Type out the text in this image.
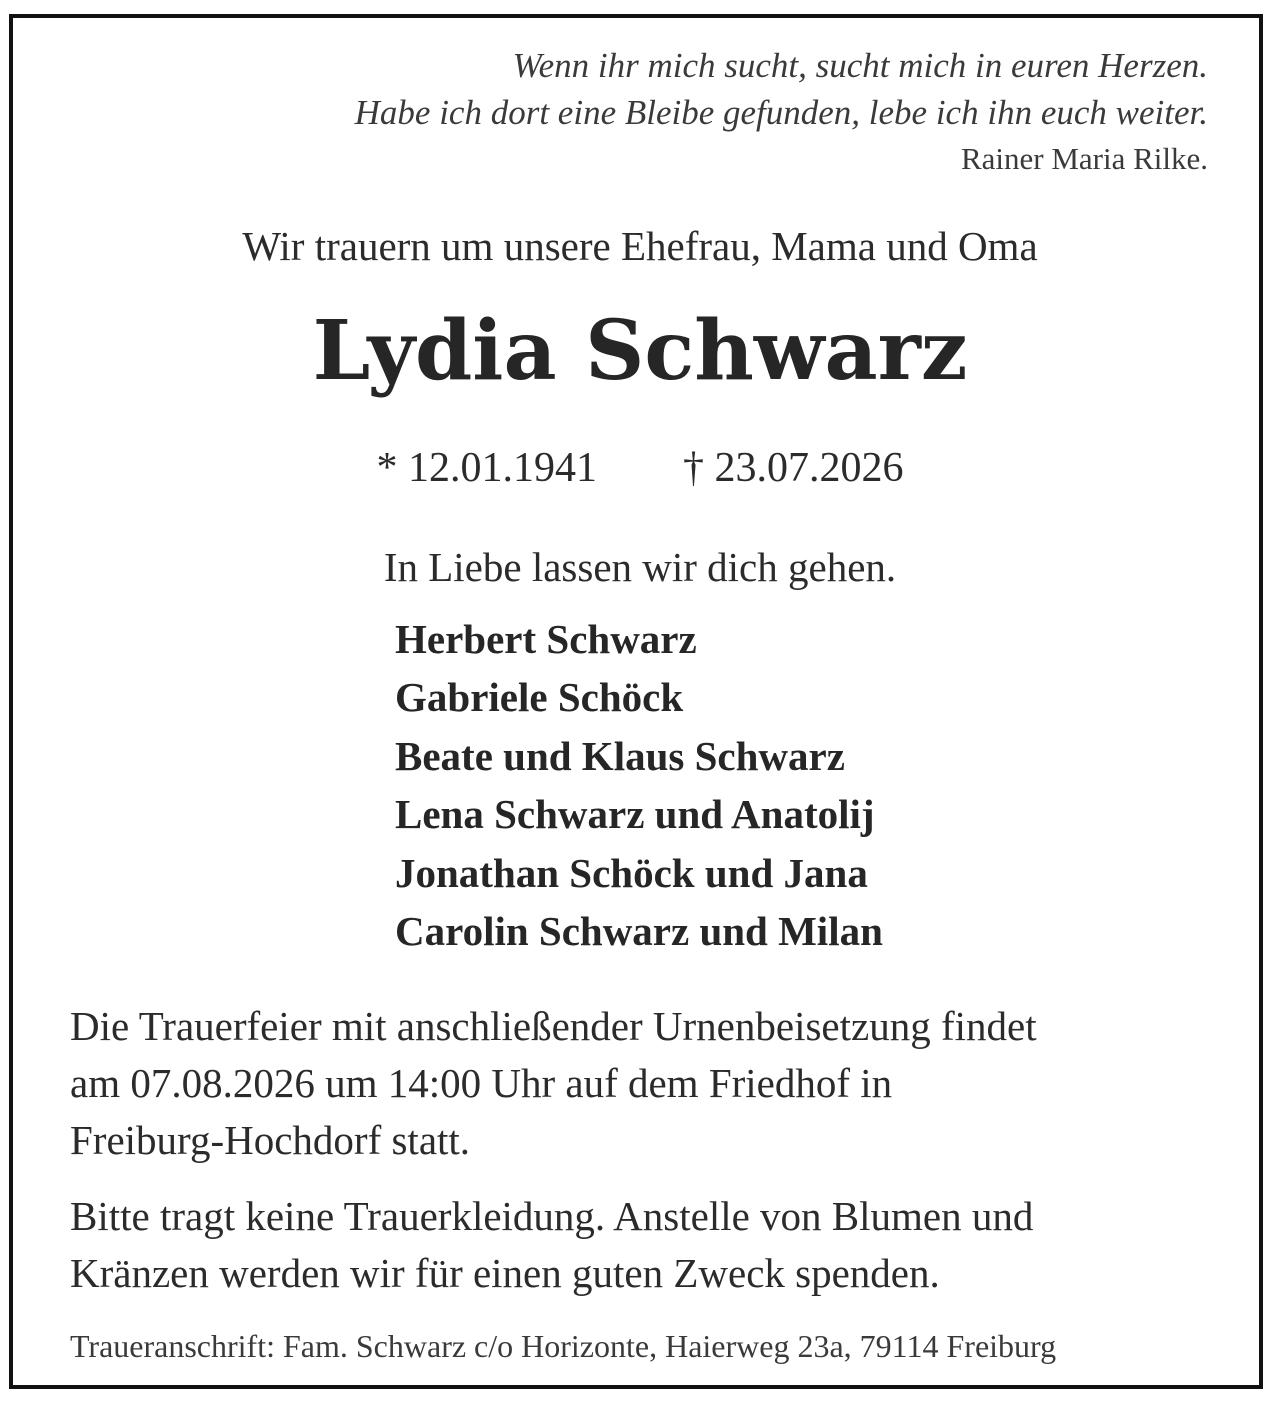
Wenn ihr mich sucht, sucht mich in euren Herzen.
Habe ich dort eine Bleibe gefunden, lebe ich ihn euch weiter.
Rainer Maria Rilke.
Wir trauern um unsere Ehefrau, Mama und Oma
Lydia Schwarz
* 12.01.1941 † 23.07.2026
In Liebe lassen wir dich gehen.
Herbert Schwarz
Gabriele Schöck
Beate und Klaus Schwarz
Lena Schwarz und Anatolij
Jonathan Schöck und Jana
Carolin Schwarz und Milan
Die Trauerfeier mit anschließender Urnenbeisetzung findet
am 07.08.2026 um 14:00 Uhr auf dem Friedhof in
Freiburg-Hochdorf statt.
Bitte tragt keine Trauerkleidung. Anstelle von Blumen und
Kränzen werden wir für einen guten Zweck spenden.
Traueranschrift: Fam. Schwarz c/o Horizonte, Haierweg 23a, 79114 Freiburg
